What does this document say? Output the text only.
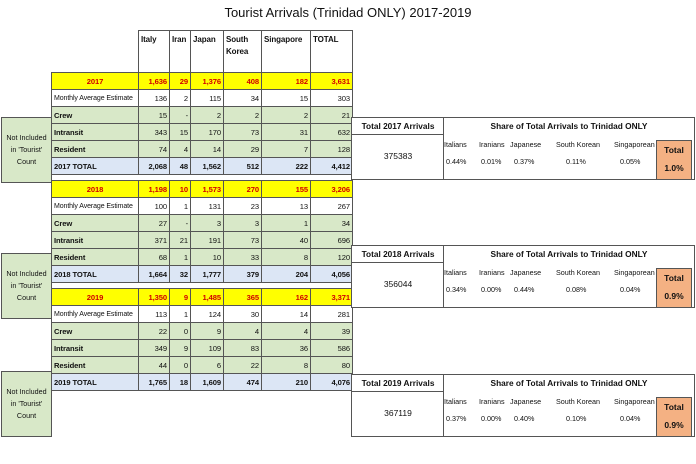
Tourist Arrivals (Trinidad ONLY) 2017-2019
	Italy	Iran	Japan	South Korea	Singapore	TOTAL
2017	1,636	29	1,376	408	182	3,631
Monthly Average Estimate	136	2	115	34	15	303
Crew	15	-	2	2	2	21
Intransit	343	15	170	73	31	632
Resident	74	4	14	29	7	128
2017 TOTAL	2,068	48	1,562	512	222	4,412

2018	1,198	10	1,573	270	155	3,206
Monthly Average Estimate	100	1	131	23	13	267
Crew	27	-	3	3	1	34
Intransit	371	21	191	73	40	696
Resident	68	1	10	33	8	120
2018 TOTAL	1,664	32	1,777	379	204	4,056

2019	1,350	9	1,485	365	162	3,371
Monthly Average Estimate	113	1	124	30	14	281
Crew	22	0	9	4	4	39
Intransit	349	9	109	83	36	586
Resident	44	0	6	22	8	80
2019 TOTAL	1,765	18	1,609	474	210	4,076
Not Included
in 'Tourist'
Count
Not Included
in 'Tourist'
Count
Not Included
in 'Tourist'
Count
Total 2017 Arrivals
375383
Share of Total Arrivals to Trinidad ONLY
Italians Iranians Japanese South Korean Singaporean
0.44% 0.01% 0.37%	0.11%	0.05%
Total
1.0%
Total 2018 Arrivals
356044
Share of Total Arrivals to Trinidad ONLY
Italians Iranians Japanese South Korean Singaporean
0.34% 0.00% 0.44%	0.08%	0.04%
Total
0.9%
Total 2019 Arrivals
367119
Share of Total Arrivals to Trinidad ONLY
Italians Iranians Japanese South Korean Singaporean
0.37% 0.00% 0.40%	0.10%	0.04%
Total
0.9%
